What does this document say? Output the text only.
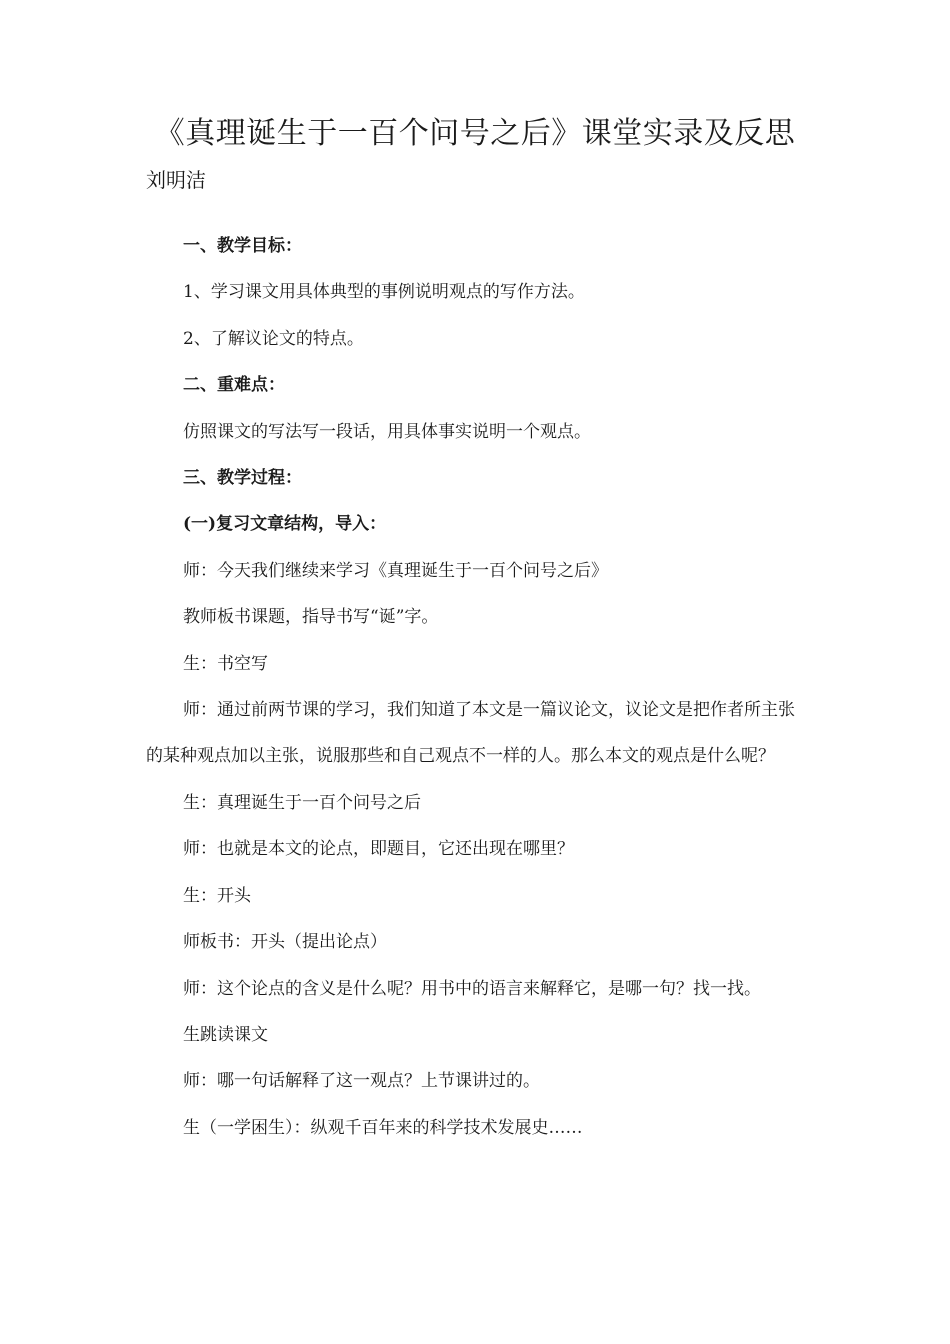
《真理诞生于一百个问号之后》课堂实录及反思
刘明洁

一、教学目标：

1、学习课文用具体典型的事例说明观点的写作方法。

2、了解议论文的特点。

二、重难点：

仿照课文的写法写一段话，用具体事实说明一个观点。

三、教学过程：

(一)复习文章结构，导入：

师：今天我们继续来学习《真理诞生于一百个问号之后》

教师板书课题，指导书写“诞”字。

生：书空写

师：通过前两节课的学习，我们知道了本文是一篇议论文，议论文是把作者所主张的某种观点加以主张，说服那些和自己观点不一样的人。那么本文的观点是什么呢？

生：真理诞生于一百个问号之后

师：也就是本文的论点，即题目，它还出现在哪里？

生：开头

师板书：开头（提出论点）

师：这个论点的含义是什么呢？用书中的语言来解释它，是哪一句？找一找。

生跳读课文

师：哪一句话解释了这一观点？上节课讲过的。

生（一学困生）：纵观千百年来的科学技术发展史……
